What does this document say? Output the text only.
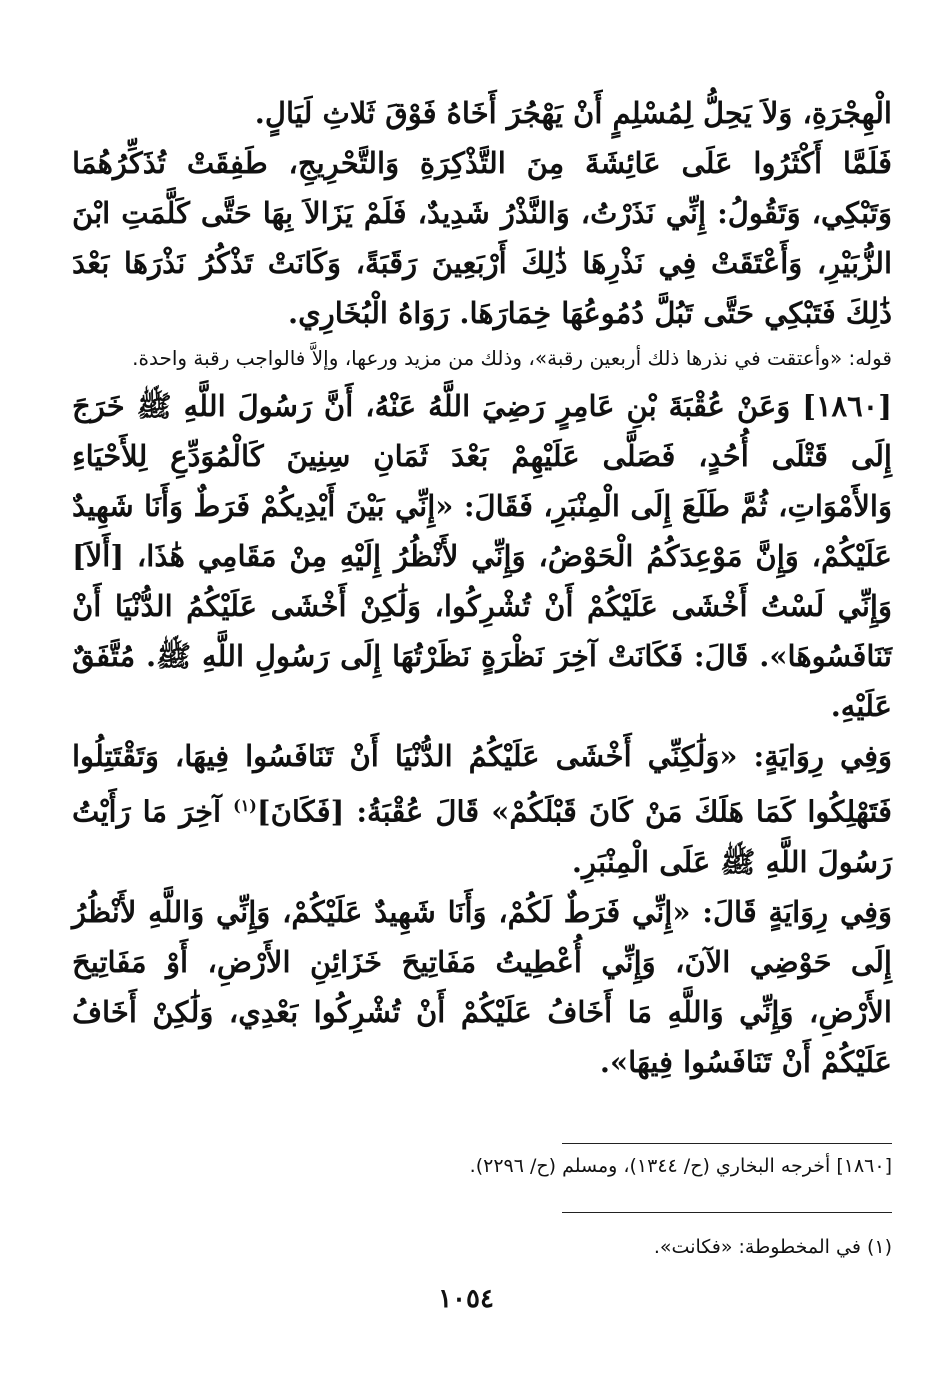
الْهِجْرَةِ، وَلاَ يَحِلُّ لِمُسْلِمٍ أَنْ يَهْجُرَ أَخَاهُ فَوْقَ ثَلاثِ لَيَالٍ.

فَلَمَّا أَكْثَرُوا عَلَى عَائِشَةَ مِنَ التَّذْكِرَةِ وَالتَّحْرِيجِ، طَفِقَتْ تُذَكِّرُهُمَا وَتَبْكِي، وَتَقُولُ: إِنِّي نَذَرْتُ، وَالنَّذْرُ شَدِيدٌ، فَلَمْ يَزَالاَ بِهَا حَتَّى كَلَّمَتِ ابْنَ الزُّبَيْرِ، وَأَعْتَقَتْ فِي نَذْرِهَا ذَٰلِكَ أَرْبَعِينَ رَقَبَةً، وَكَانَتْ تَذْكُرُ نَذْرَهَا بَعْدَ ذَٰلِكَ فَتَبْكِي حَتَّى تَبُلَّ دُمُوعُهَا خِمَارَهَا. رَوَاهُ الْبُخَارِي.

قوله: «وأعتقت في نذرها ذلك أربعين رقبة»، وذلك من مزيد ورعها، وإلاَّ فالواجب رقبة واحدة.

[١٨٦٠] وَعَنْ عُقْبَةَ بْنِ عَامِرٍ رَضِيَ اللَّهُ عَنْهُ، أَنَّ رَسُولَ اللَّهِ ﷺ خَرَجَ إِلَى قَتْلَى أُحُدٍ، فَصَلَّى عَلَيْهِمْ بَعْدَ ثَمَانِ سِنِينَ كَالْمُوَدِّعِ لِلأَحْيَاءِ وَالأَمْوَاتِ، ثُمَّ طَلَعَ إِلَى الْمِنْبَرِ، فَقَالَ: «إِنِّي بَيْنَ أَيْدِيكُمْ فَرَطٌ وَأَنَا شَهِيدٌ عَلَيْكُمْ، وَإِنَّ مَوْعِدَكُمُ الْحَوْضُ، وَإِنِّي لأَنْظُرُ إِلَيْهِ مِنْ مَقَامِي هَٰذَا، [أَلاَ] وَإِنِّي لَسْتُ أَخْشَى عَلَيْكُمْ أَنْ تُشْرِكُوا، وَلَٰكِنْ أَخْشَى عَلَيْكُمُ الدُّنْيَا أَنْ تَنَافَسُوهَا». قَالَ: فَكَانَتْ آخِرَ نَظْرَةٍ نَظَرْتُهَا إِلَى رَسُولِ اللَّهِ ﷺ. مُتَّفَقٌ عَلَيْهِ.

وَفِي رِوَايَةٍ: «وَلَٰكِنِّي أَخْشَى عَلَيْكُمُ الدُّنْيَا أَنْ تَنَافَسُوا فِيهَا، وَتَقْتَتِلُوا فَتَهْلِكُوا كَمَا هَلَكَ مَنْ كَانَ قَبْلَكُمْ» قَالَ عُقْبَةُ: [فَكَانَ]$^{(١)}$ آخِرَ مَا رَأَيْتُ رَسُولَ اللَّهِ ﷺ عَلَى الْمِنْبَرِ.

وَفِي رِوَايَةٍ قَالَ: «إِنِّي فَرَطٌ لَكُمْ، وَأَنَا شَهِيدٌ عَلَيْكُمْ، وَإِنِّي وَاللَّهِ لأَنْظُرُ إِلَى حَوْضِي الآنَ، وَإِنِّي أُعْطِيتُ مَفَاتِيحَ خَزَائِنِ الأَرْضِ، أَوْ مَفَاتِيحَ الأَرْضِ، وَإِنِّي وَاللَّهِ مَا أَخَافُ عَلَيْكُمْ أَنْ تُشْرِكُوا بَعْدِي، وَلَٰكِنْ أَخَافُ عَلَيْكُمْ أَنْ تَنَافَسُوا فِيهَا».

[١٨٦٠] أخرجه البخاري (ح/ ١٣٤٤)، ومسلم (ح/ ٢٢٩٦).
(١) في المخطوطة: «فكانت».
١٠٥٤
